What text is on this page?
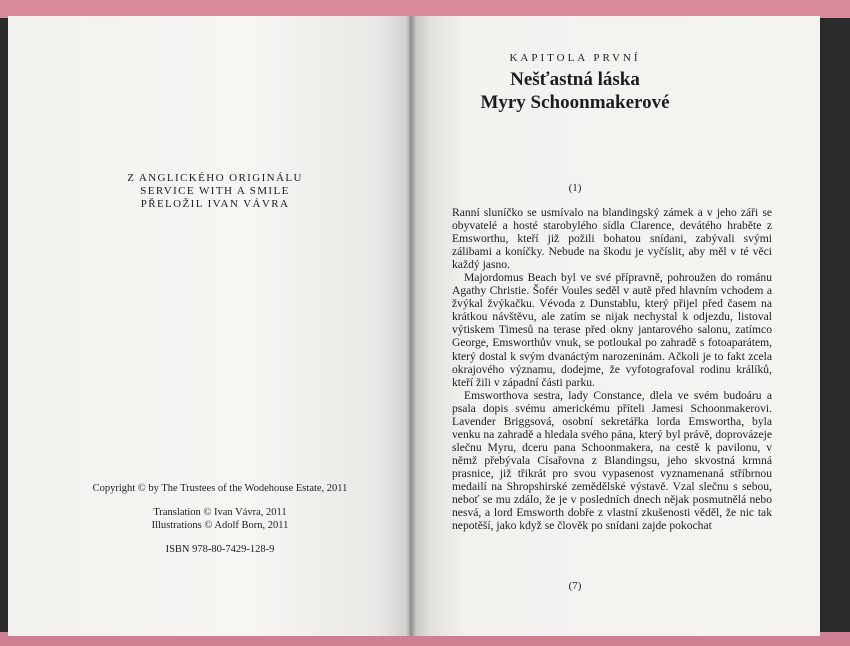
Z ANGLICKÉHO ORIGINÁLU
SERVICE WITH A SMILE
PŘELOŽIL IVAN VÁVRA

Copyright © by The Trustees of the Wodehouse Estate, 2011

Translation © Ivan Vávra, 2011

Illustrations © Adolf Born, 2011

ISBN 978-80-7429-128-9

KAPITOLA PRVNÍ
Nešťastná láska
Myry Schoonmakerové
(1)

Ranní sluníčko se usmívalo na blandingský zámek a v jeho záři se obyvatelé a hosté starobylého sídla Clarence, devátého hraběte z Emsworthu, kteří již požili bohatou snídani, zabývali svými zálibami a koníčky. Nebude na škodu je vyčíslit, aby měl v té věci každý jasno.

Majordomus Beach byl ve své přípravně, pohroužen do románu Agathy Christie. Šofér Voules seděl v autě před hlavním vchodem a žvýkal žvýkačku. Vévoda z Dunstablu, který přijel před časem na krátkou návštěvu, ale zatím se nijak nechystal k odjezdu, listoval výtiskem Timesů na terase před okny jantarového salonu, zatímco George, Emsworthův vnuk, se potloukal po zahradě s fotoaparátem, který dostal k svým dvanáctým narozeninám. Ačkoli je to fakt zcela okrajového významu, dodejme, že vyfotografoval rodinu králíků, kteří žili v západní části parku.

Emsworthova sestra, lady Constance, dlela ve svém budoáru a psala dopis svému americkému příteli Jamesi Schoonmakerovi. Lavender Briggsová, osobní sekretářka lorda Emswortha, byla venku na zahradě a hledala svého pána, který byl právě, doprovázeje slečnu Myru, dceru pana Schoonmakera, na cestě k pavilonu, v němž přebývala Císařovna z Blandingsu, jeho skvostná krmná prasnice, již třikrát pro svou vypasenost vyznamenaná stříbrnou medailí na Shropshirské zemědělské výstavě. Vzal slečnu s sebou, neboť se mu zdálo, že je v posledních dnech nějak posmutnělá nebo nesvá, a lord Emsworth dobře z vlastní zkušenosti věděl, že nic tak nepotěší, jako když se člověk po snídani zajde pokochat

(7)
